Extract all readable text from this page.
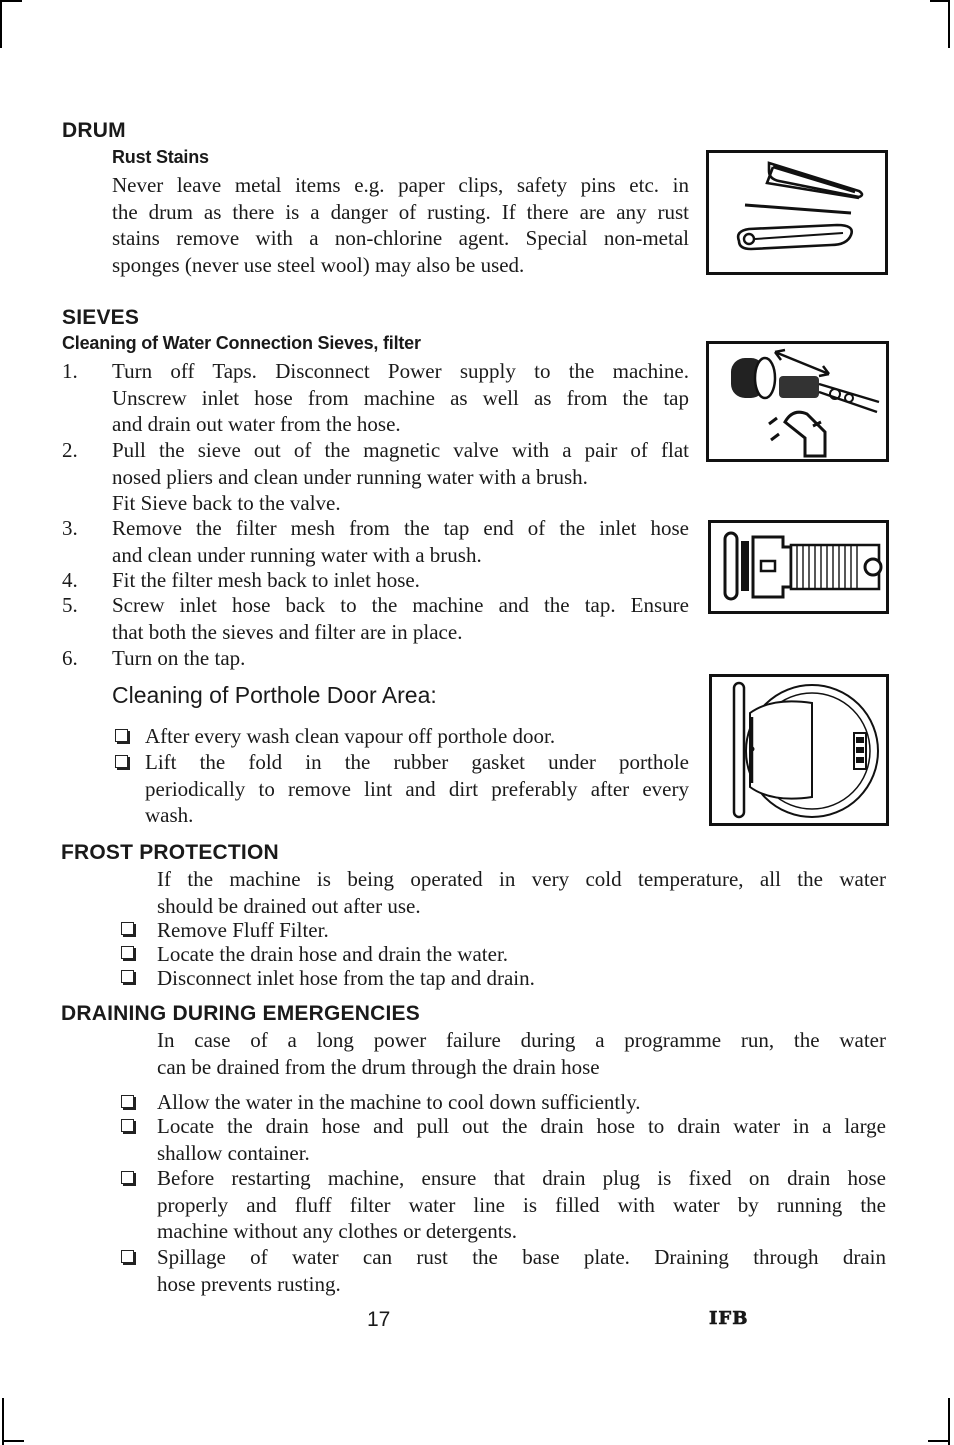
DRUM
Rust Stains
Never leave metal items e.g. paper clips, safety pins etc. in
the drum as there is a danger of rusting. If there are any rust
stains remove with a non-chlorine agent. Special non-metal
sponges (never use steel wool) may also be used.
SIEVES
Cleaning of Water Connection Sieves, filter
1. Turn off Taps. Disconnect Power supply to the machine.
Unscrew inlet hose from machine as well as from the tap
and drain out water from the hose.
2. Pull the sieve out of the magnetic valve with a pair of flat
nosed pliers and clean under running water with a brush.
Fit Sieve back to the valve.
3. Remove the filter mesh from the tap end of the inlet hose
and clean under running water with a brush.
4. Fit the filter mesh back to inlet hose.
5. Screw inlet hose back to the machine and the tap. Ensure
that both the sieves and filter are in place.
6. Turn on the tap.
Cleaning of Porthole Door Area:
After every wash clean vapour off porthole door.
Lift the fold in the rubber gasket under porthole
periodically to remove lint and dirt preferably after every
wash.
FROST PROTECTION
If the machine is being operated in very cold temperature, all the water
should be drained out after use.
Remove Fluff Filter.
Locate the drain hose and drain the water.
Disconnect inlet hose from the tap and drain.
DRAINING DURING EMERGENCIES
In case of a long power failure during a programme run, the water
can be drained from the drum through the drain hose
Allow the water in the machine to cool down sufficiently.
Locate the drain hose and pull out the drain hose to drain water in a large
shallow container.
Before restarting machine, ensure that drain plug is fixed on drain hose
properly and fluff filter water line is filled with water by running the
machine without any clothes or detergents.
Spillage of water can rust the base plate. Draining through drain
hose prevents rusting.
17	IFB
